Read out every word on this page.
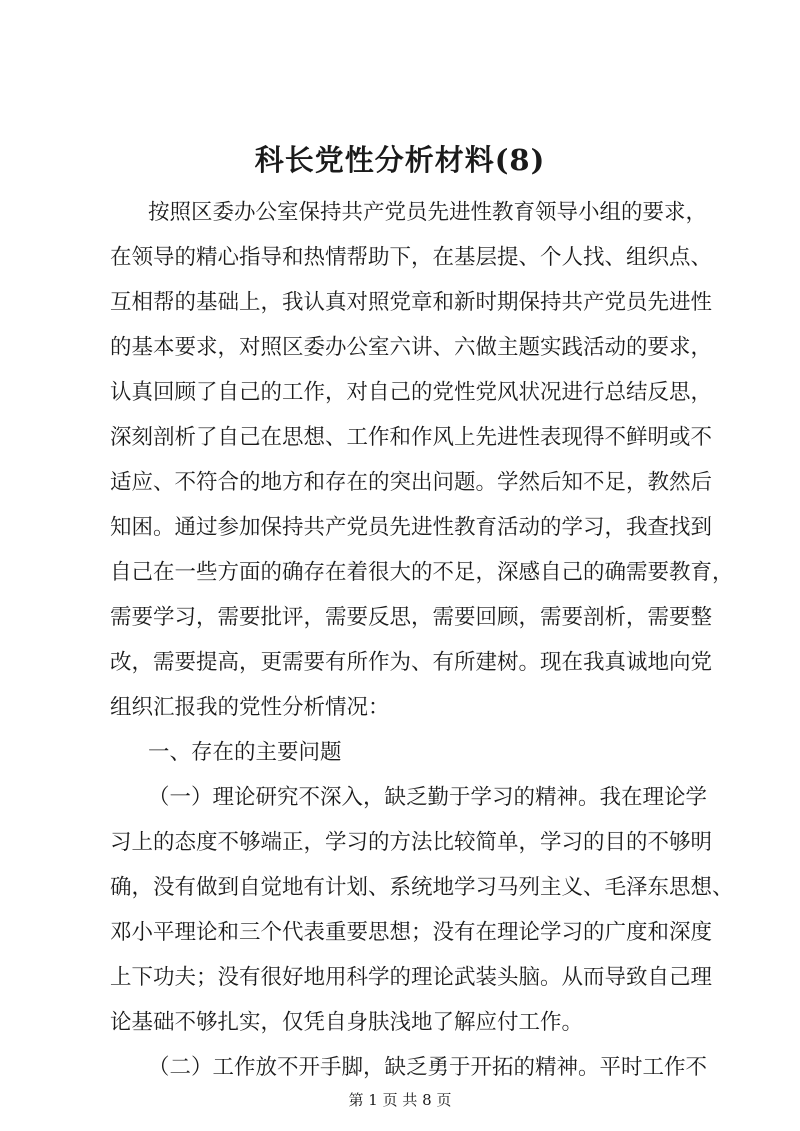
科长党性分析材料(8)
按照区委办公室保持共产党员先进性教育领导小组的要求，
在领导的精心指导和热情帮助下，在基层提、个人找、组织点、
互相帮的基础上，我认真对照党章和新时期保持共产党员先进性
的基本要求，对照区委办公室六讲、六做主题实践活动的要求，
认真回顾了自己的工作，对自己的党性党风状况进行总结反思，
深刻剖析了自己在思想、工作和作风上先进性表现得不鲜明或不
适应、不符合的地方和存在的突出问题。学然后知不足，教然后
知困。通过参加保持共产党员先进性教育活动的学习，我查找到
自己在一些方面的确存在着很大的不足，深感自己的确需要教育，
需要学习，需要批评，需要反思，需要回顾，需要剖析，需要整
改，需要提高，更需要有所作为、有所建树。现在我真诚地向党
组织汇报我的党性分析情况：
一、存在的主要问题
（一）理论研究不深入，缺乏勤于学习的精神。我在理论学
习上的态度不够端正，学习的方法比较简单，学习的目的不够明
确，没有做到自觉地有计划、系统地学习马列主义、毛泽东思想、
邓小平理论和三个代表重要思想；没有在理论学习的广度和深度
上下功夫；没有很好地用科学的理论武装头脑。从而导致自己理
论基础不够扎实，仅凭自身肤浅地了解应付工作。
（二）工作放不开手脚，缺乏勇于开拓的精神。平时工作不
第 1 页 共 8 页
